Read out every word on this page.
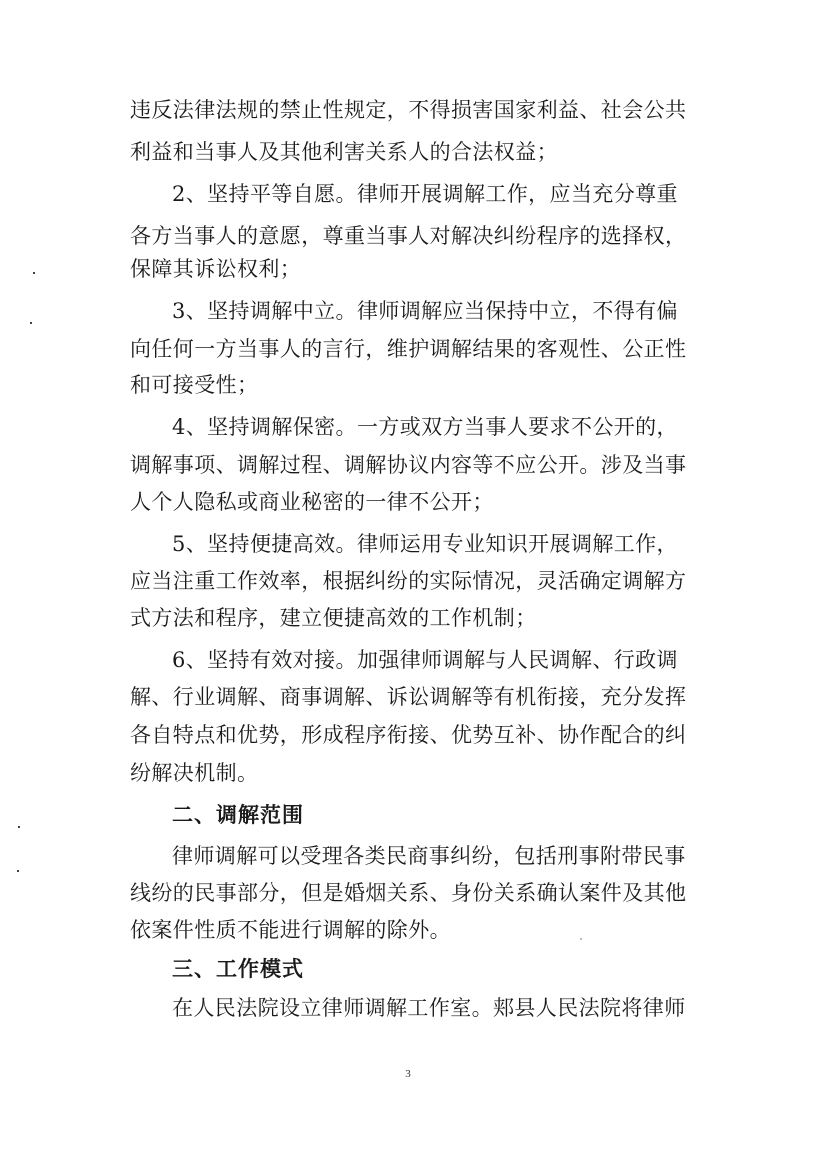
违反法律法规的禁止性规定，不得损害国家利益、社会公共
利益和当事人及其他利害关系人的合法权益；
2、坚持平等自愿。律师开展调解工作，应当充分尊重
各方当事人的意愿，尊重当事人对解决纠纷程序的选择权，
保障其诉讼权利；
3、坚持调解中立。律师调解应当保持中立，不得有偏
向任何一方当事人的言行，维护调解结果的客观性、公正性
和可接受性；
4、坚持调解保密。一方或双方当事人要求不公开的，
调解事项、调解过程、调解协议内容等不应公开。涉及当事
人个人隐私或商业秘密的一律不公开；
5、坚持便捷高效。律师运用专业知识开展调解工作，
应当注重工作效率，根据纠纷的实际情况，灵活确定调解方
式方法和程序，建立便捷高效的工作机制；
6、坚持有效对接。加强律师调解与人民调解、行政调
解、行业调解、商事调解、诉讼调解等有机衔接，充分发挥
各自特点和优势，形成程序衔接、优势互补、协作配合的纠
纷解决机制。
二、调解范围
律师调解可以受理各类民商事纠纷，包括刑事附带民事
线纷的民事部分，但是婚烟关系、身份关系确认案件及其他
依案件性质不能进行调解的除外。
三、工作模式
在人民法院设立律师调解工作室。郏县人民法院将律师
3
